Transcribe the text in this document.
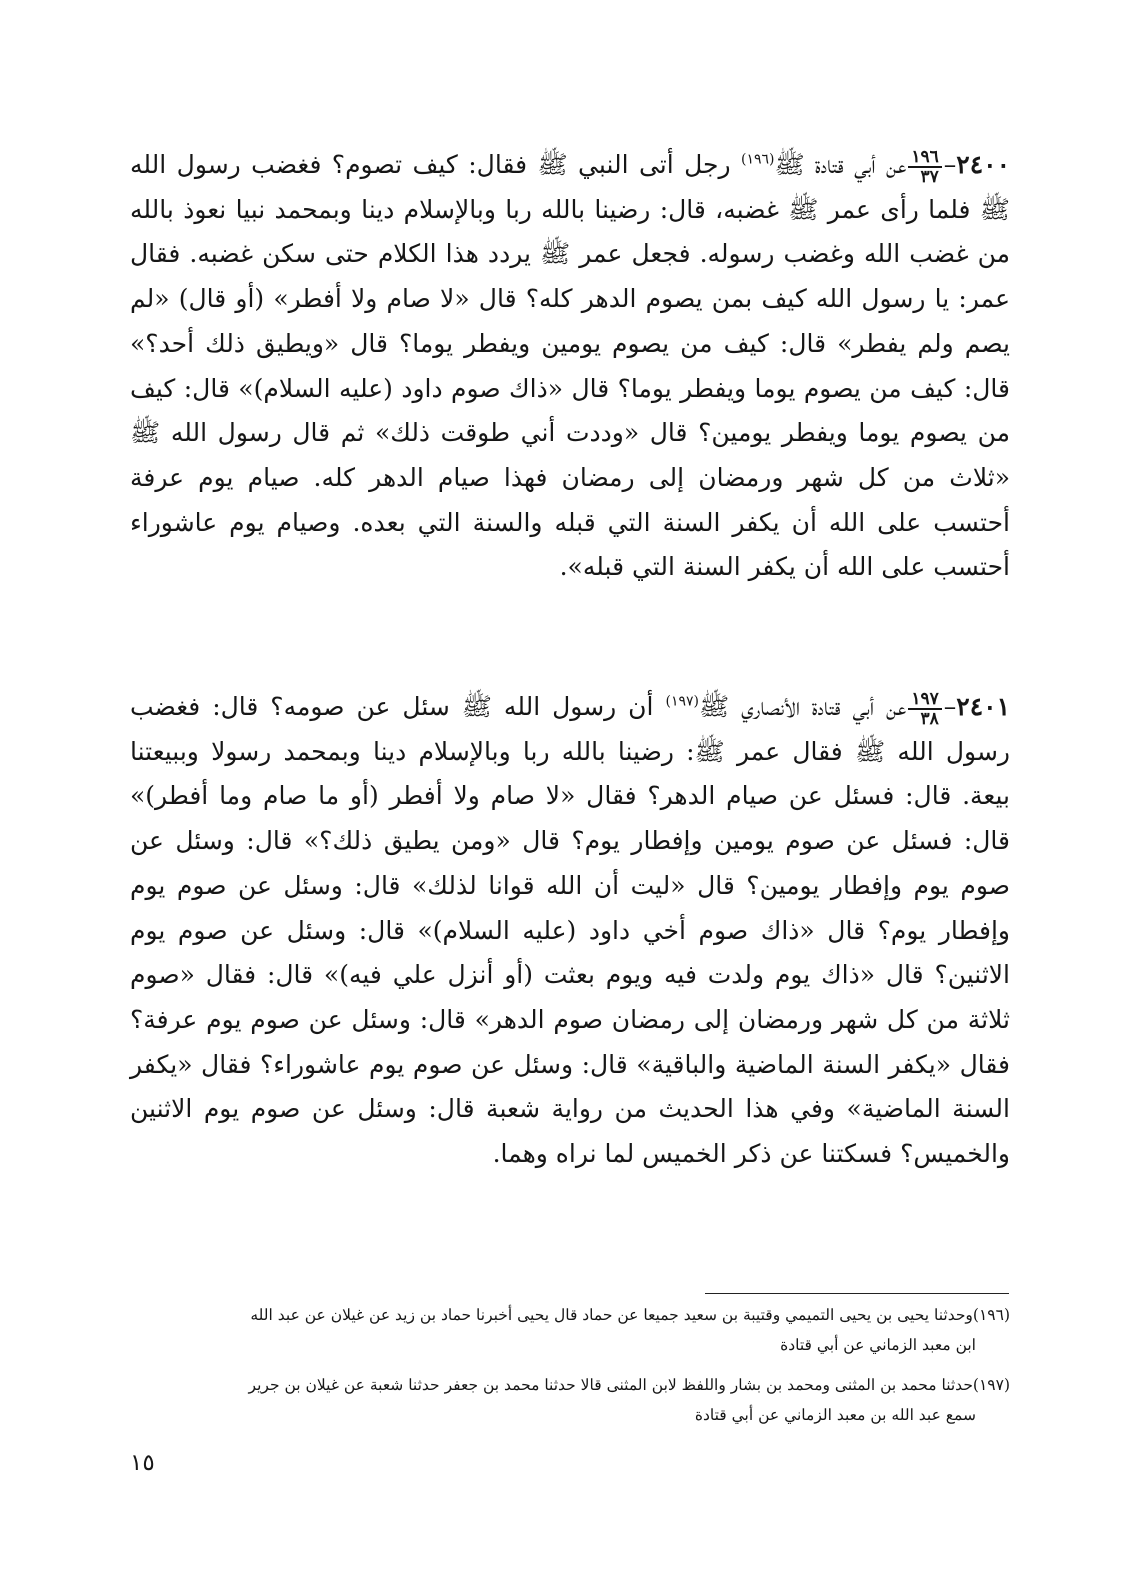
٢٤٠٠–
$\frac{١٩٦}{٣٧}$
عن أبي قتادة ﷺ$^{(١٩٦)}$ رجل أتى النبي ﷺ فقال: كيف تصوم؟ فغضب رسول الله ﷺ فلما رأى عمر ﷺ غضبه، قال: رضينا بالله ربا وبالإسلام دينا وبمحمد نبيا نعوذ بالله من غضب الله وغضب رسوله. فجعل عمر ﷺ يردد هذا الكلام حتى سكن غضبه. فقال عمر: يا رسول الله كيف بمن يصوم الدهر كله؟ قال «لا صام ولا أفطر» (أو قال) «لم يصم ولم يفطر» قال: كيف من يصوم يومين ويفطر يوما؟ قال «ويطيق ذلك أحد؟» قال: كيف من يصوم يوما ويفطر يوما؟ قال «ذاك صوم داود (عليه السلام)» قال: كيف من يصوم يوما ويفطر يومين؟ قال «وددت أني طوقت ذلك» ثم قال رسول الله ﷺ «ثلاث من كل شهر ورمضان إلى رمضان فهذا صيام الدهر كله. صيام يوم عرفة أحتسب على الله أن يكفر السنة التي قبله والسنة التي بعده. وصيام يوم عاشوراء أحتسب على الله أن يكفر السنة التي قبله».

٢٤٠١–
$\frac{١٩٧}{٣٨}$
عن أبي قتادة الأنصاري ﷺ$^{(١٩٧)}$ أن رسول الله ﷺ سئل عن صومه؟ قال: فغضب رسول الله ﷺ فقال عمر ﷺ: رضينا بالله ربا وبالإسلام دينا وبمحمد رسولا وببيعتنا بيعة. قال: فسئل عن صيام الدهر؟ فقال «لا صام ولا أفطر (أو ما صام وما أفطر)» قال: فسئل عن صوم يومين وإفطار يوم؟ قال «ومن يطيق ذلك؟» قال: وسئل عن صوم يوم وإفطار يومين؟ قال «ليت أن الله قوانا لذلك» قال: وسئل عن صوم يوم وإفطار يوم؟ قال «ذاك صوم أخي داود (عليه السلام)» قال: وسئل عن صوم يوم الاثنين؟ قال «ذاك يوم ولدت فيه ويوم بعثت (أو أنزل علي فيه)» قال: فقال «صوم ثلاثة من كل شهر ورمضان إلى رمضان صوم الدهر» قال: وسئل عن صوم يوم عرفة؟ فقال «يكفر السنة الماضية والباقية» قال: وسئل عن صوم يوم عاشوراء؟ فقال «يكفر السنة الماضية» وفي هذا الحديث من رواية شعبة قال: وسئل عن صوم يوم الاثنين والخميس؟ فسكتنا عن ذكر الخميس لما نراه وهما.

(١٩٦)وحدثنا يحيى بن يحيى التميمي وقتيبة بن سعيد جميعا عن حماد قال يحيى أخبرنا حماد بن زيد عن غيلان عن عبد الله
ابن معبد الزماني عن أبي قتادة
(١٩٧)حدثنا محمد بن المثنى ومحمد بن بشار واللفظ لابن المثنى قالا حدثنا محمد بن جعفر حدثنا شعبة عن غيلان بن جرير
سمع عبد الله بن معبد الزماني عن أبي قتادة
١٥
